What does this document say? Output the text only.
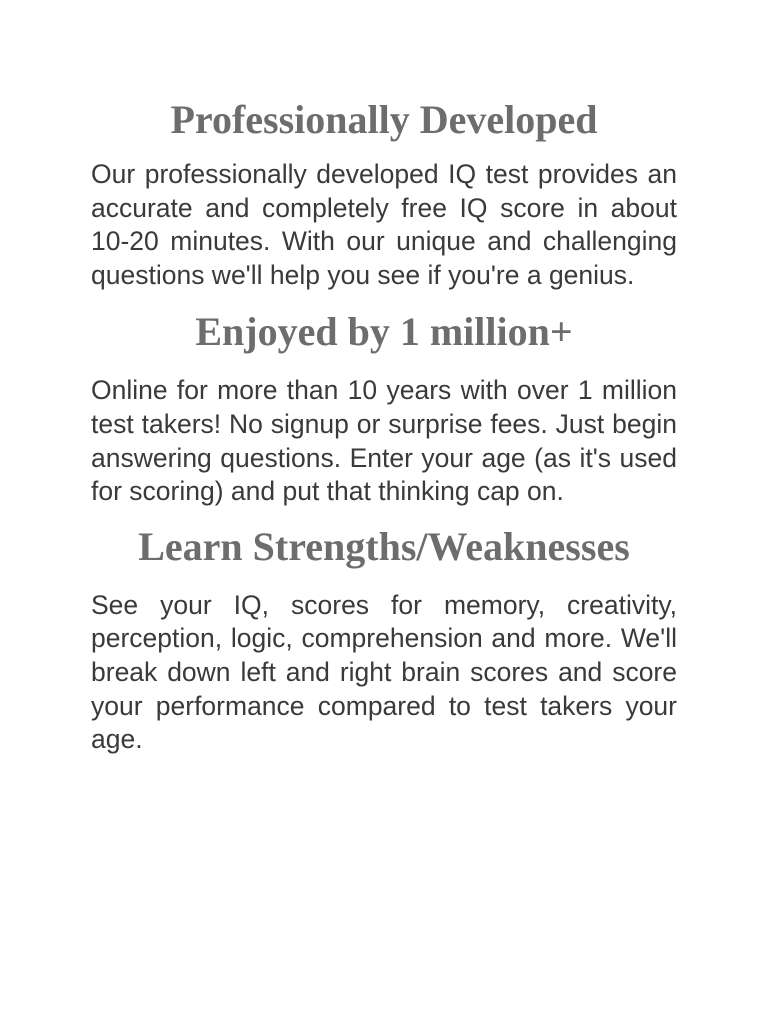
Professionally Developed

Our professionally developed IQ test provides an accurate and completely free IQ score in about 10-20 minutes. With our unique and challenging questions we'll help you see if you're a genius.

Enjoyed by 1 million+

Online for more than 10 years with over 1 million test takers! No signup or surprise fees. Just begin answering questions. Enter your age (as it's used for scoring) and put that thinking cap on.

Learn Strengths/Weaknesses

See your IQ, scores for memory, creativity, perception, logic, comprehension and more. We'll break down left and right brain scores and score your performance compared to test takers your age.
